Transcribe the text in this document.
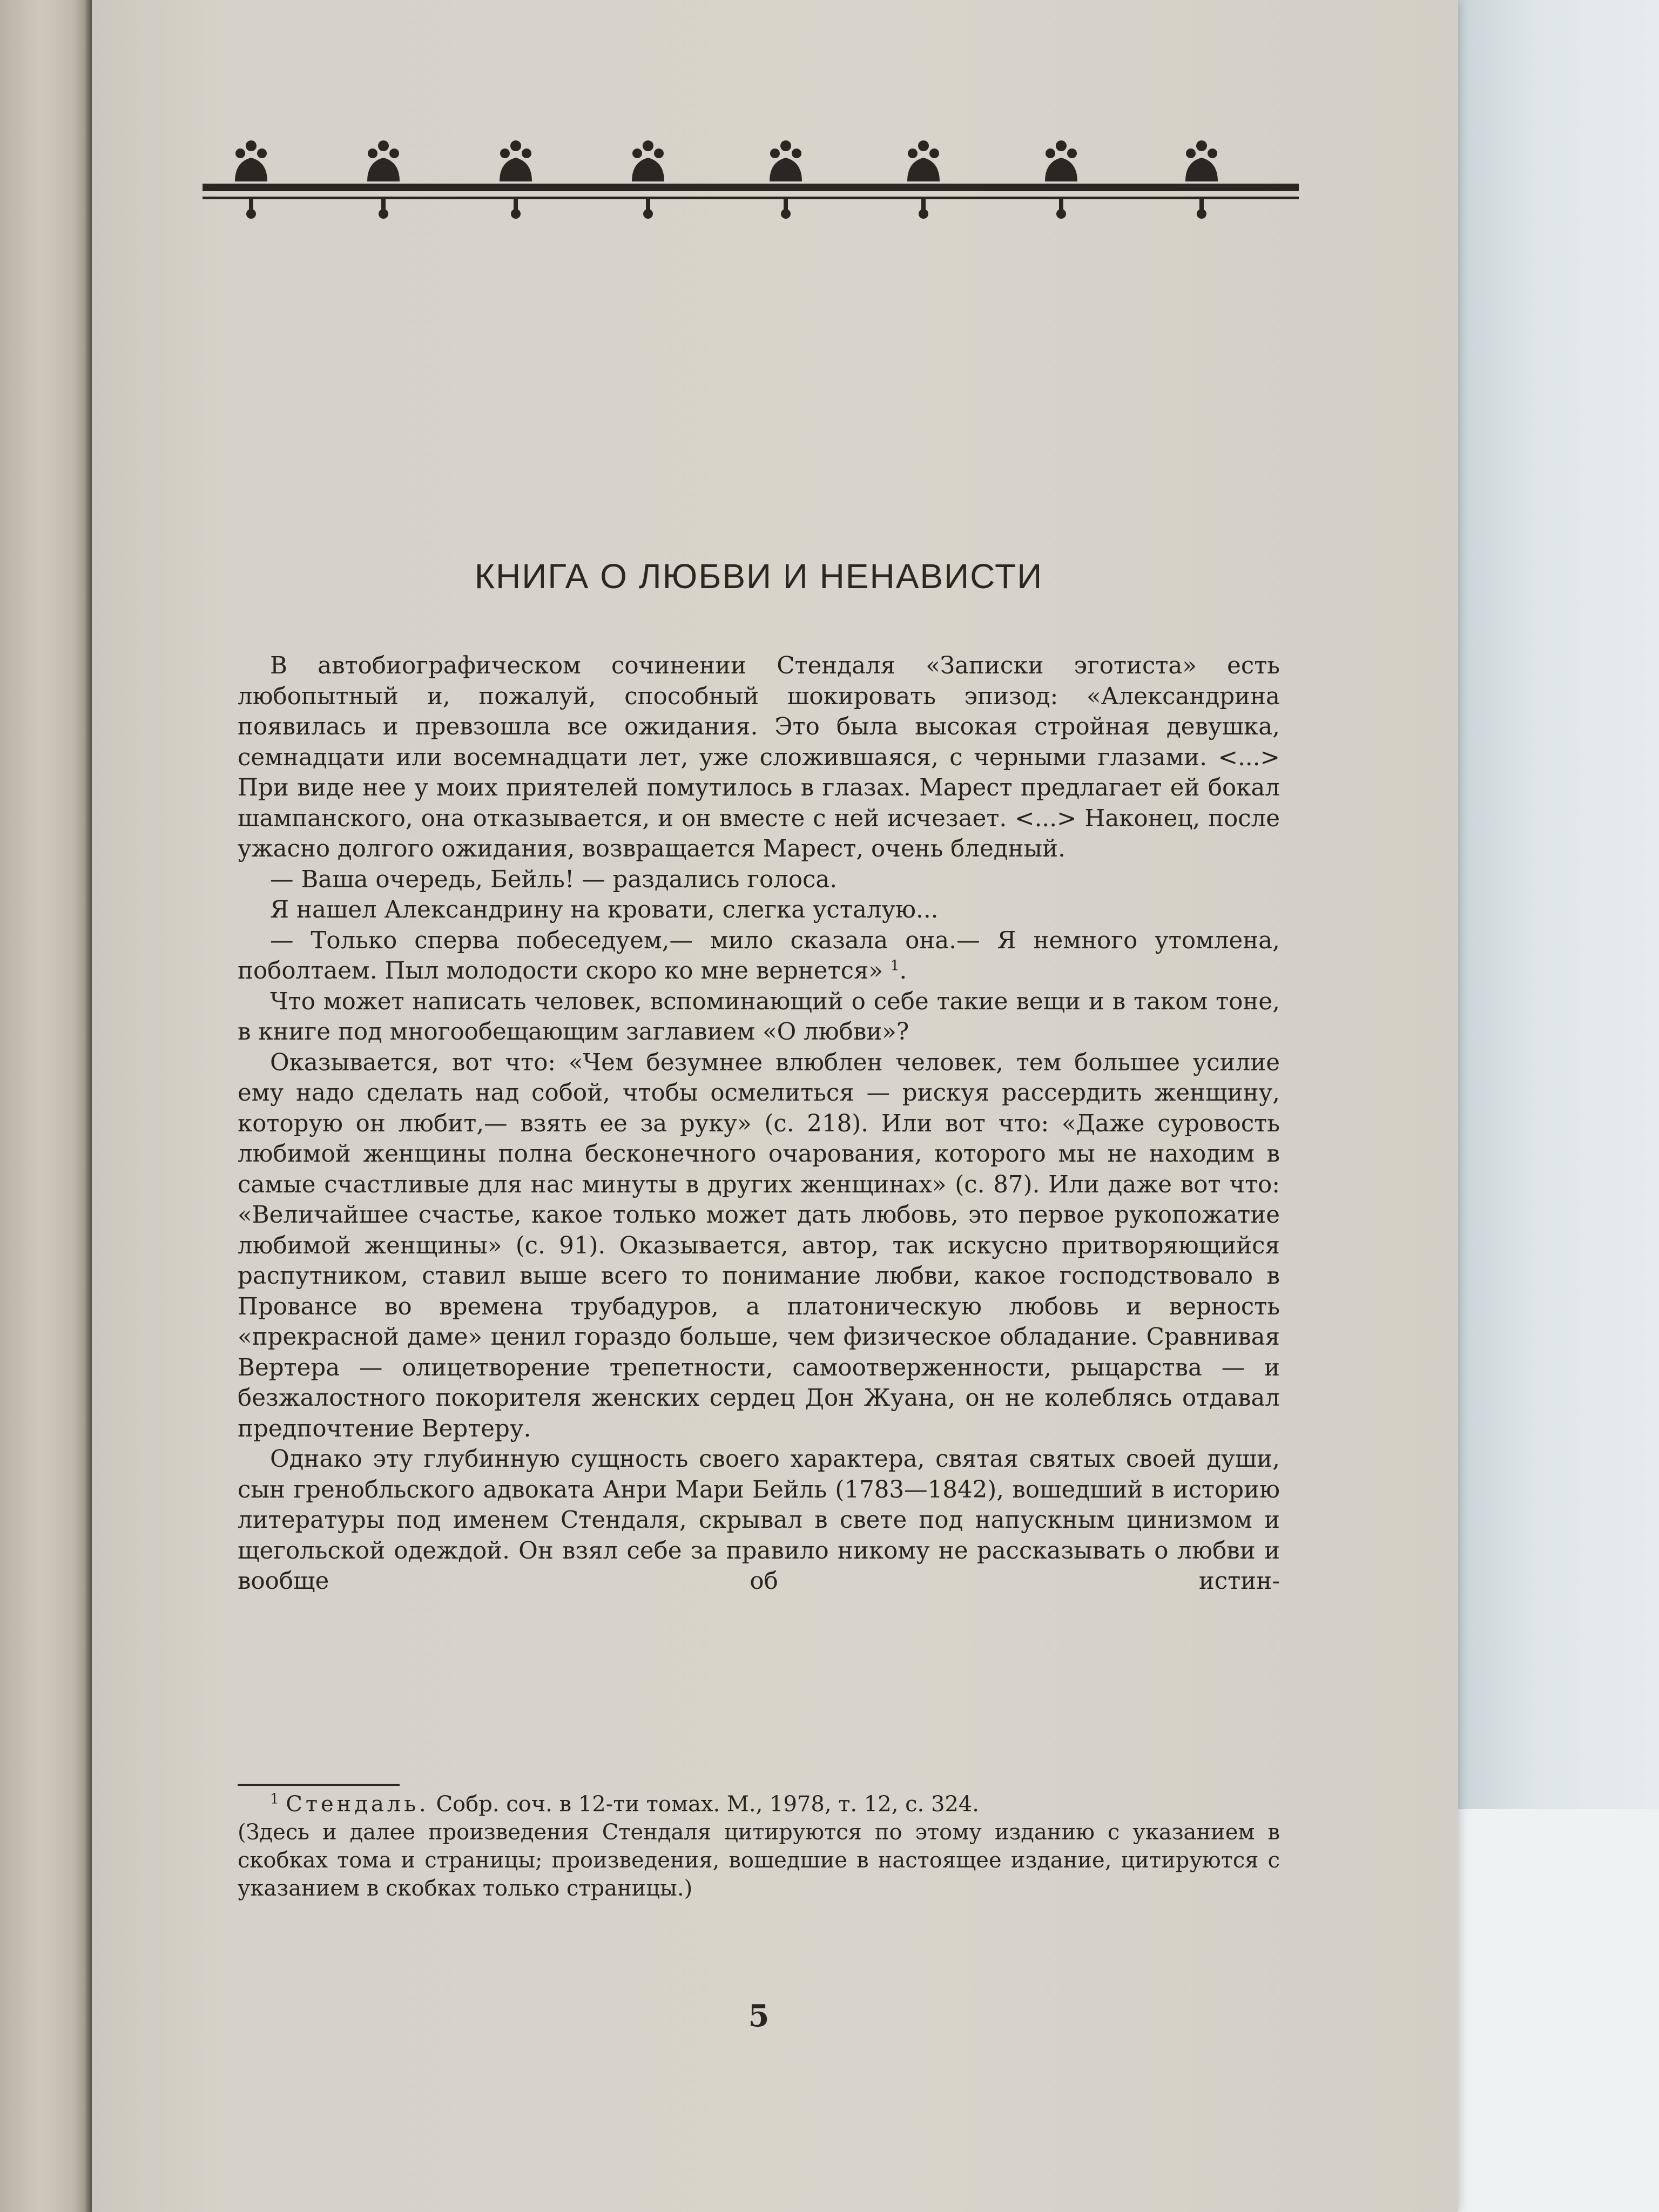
КНИГА О ЛЮБВИ И НЕНАВИСТИ

В автобиографическом сочинении Стендаля «Записки эготиста» есть любопытный и, пожалуй, способный шокировать эпизод: «Александрина появилась и превзошла все ожидания. Это была высокая стройная девушка, семнадцати или восемнадцати лет, уже сложившаяся, с черными глазами. <...> При виде нее у моих приятелей помутилось в глазах. Марест предлагает ей бокал шампанского, она отказывается, и он вместе с ней исчезает. <...> Наконец, после ужасно долгого ожидания, возвращается Марест, очень бледный.

— Ваша очередь, Бейль! — раздались голоса.

Я нашел Александрину на кровати, слегка усталую...

— Только сперва побеседуем,— мило сказала она.— Я немного утомлена, поболтаем. Пыл молодости скоро ко мне вернется» $^1$.

Что может написать человек, вспоминающий о себе такие вещи и в таком тоне, в книге под многообещающим заглавием «О любви»?

Оказывается, вот что: «Чем безумнее влюблен человек, тем большее усилие ему надо сделать над собой, чтобы осмелиться — рискуя рассердить женщину, которую он любит,— взять ее за руку» (с. 218). Или вот что: «Даже суровость любимой женщины полна бесконечного очарования, которого мы не находим в самые счастливые для нас минуты в других женщинах» (с. 87). Или даже вот что: «Величайшее счастье, какое только может дать любовь, это первое рукопожатие любимой женщины» (с. 91). Оказывается, автор, так искусно притворяющийся распутником, ставил выше всего то понимание любви, какое господствовало в Провансе во времена трубадуров, а платоническую любовь и верность «прекрасной даме» ценил гораздо больше, чем физическое обладание. Сравнивая Вертера — олицетворение трепетности, самоотверженности, рыцарства — и безжалостного покорителя женских сердец Дон Жуана, он не колеблясь отдавал предпочтение Вертеру.

Однако эту глубинную сущность своего характера, святая святых своей души, сын гренобльского адвоката Анри Мари Бейль (1783—1842), вошедший в историю литературы под именем Стендаля, скрывал в свете под напускным цинизмом и щегольской одеждой. Он взял себе за правило никому не рассказывать о любви и вообще об истин-

$^1$ Стендаль. Собр. соч. в 12-ти томах. М., 1978, т. 12, с. 324.

(Здесь и далее произведения Стендаля цитируются по этому изданию с указанием в скобках тома и страницы; произведения, вошедшие в настоящее издание, цитируются с указанием в скобках только страницы.)

5
